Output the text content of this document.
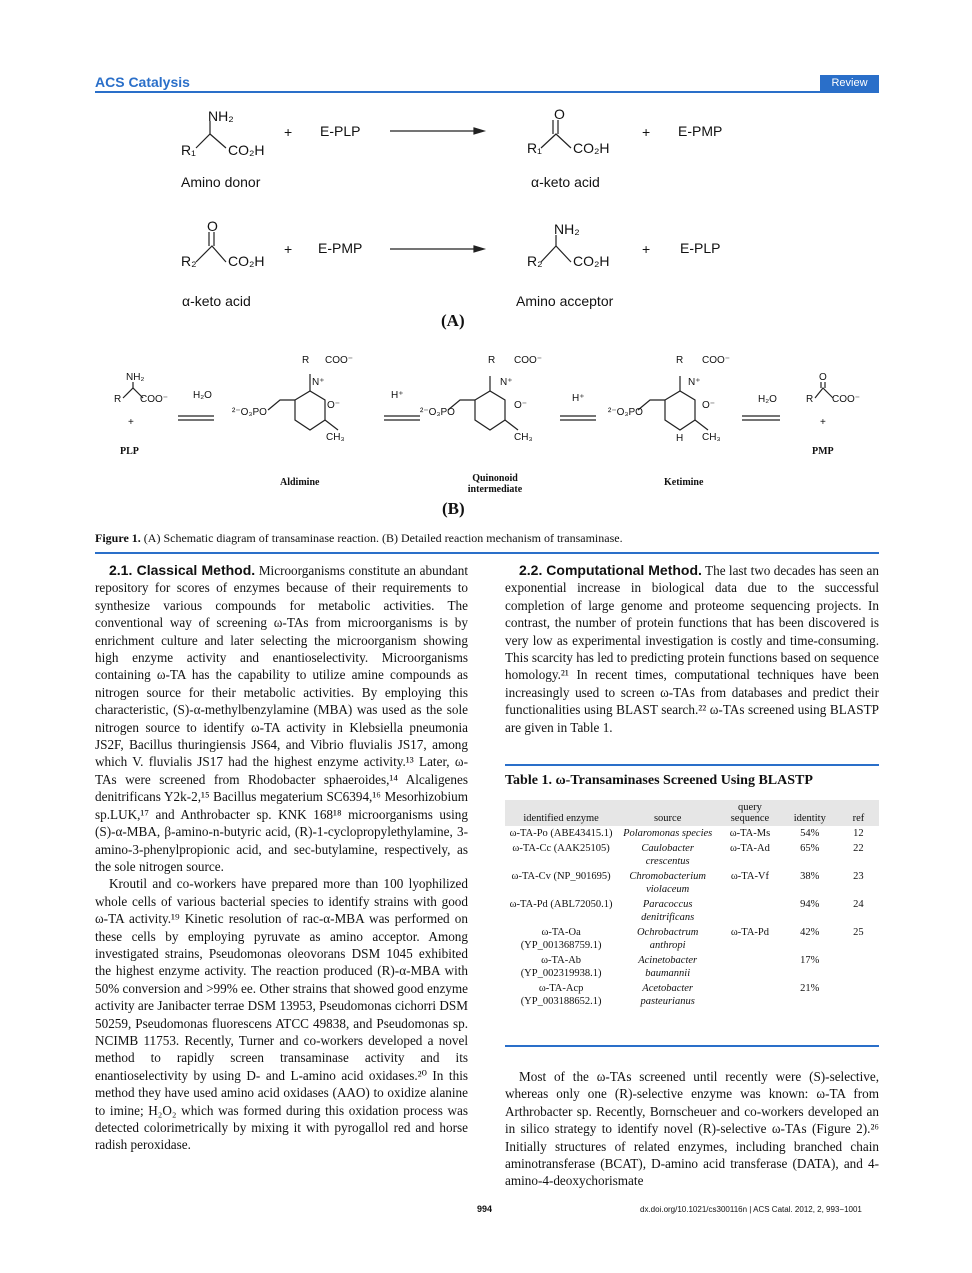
ACS Catalysis	Review
NH₂
R₁ CO₂H
+ E-PLP
O
R₁ CO₂H
+ E-PMP
Amino donor	α-keto acid
O
R₂ CO₂H
+ E-PMP
NH₂
R₂ CO₂H
+ E-PLP
α-keto acid	Amino acceptor
(A)
NH₂
R COO⁻
+
PLP
H₂O	H⁺	H⁺	H₂O
²⁻O₃PO
R COO⁻
N⁺
O⁻
CH₃
Aldimine
²⁻O₃PO
R COO⁻
N⁺
O⁻
CH₃
Quinonoid intermediate
²⁻O₃PO
R COO⁻
N⁺
O⁻
CH₃
H
Ketimine
O
R COO⁻
+
PMP
(B)
Figure 1. (A) Schematic diagram of transaminase reaction. (B) Detailed reaction mechanism of transaminase.

2.1. Classical Method. Microorganisms constitute an abundant repository for scores of enzymes because of their requirements to synthesize various compounds for metabolic activities. The conventional way of screening ω-TAs from microorganisms is by enrichment culture and later selecting the microorganism showing high enzyme activity and enantioselectivity. Microorganisms containing ω-TA has the capability to utilize amine compounds as nitrogen source for their metabolic activities. By employing this characteristic, (S)-α-methylbenzylamine (MBA) was used as the sole nitrogen source to identify ω-TA activity in Klebsiella pneumonia JS2F, Bacillus thuringiensis JS64, and Vibrio fluvialis JS17, among which V. fluvialis JS17 had the highest enzyme activity.¹³ Later, ω-TAs were screened from Rhodobacter sphaeroides,¹⁴ Alcaligenes denitrificans Y2k-2,¹⁵ Bacillus megaterium SC6394,¹⁶ Mesorhizobium sp.LUK,¹⁷ and Anthrobacter sp. KNK 168¹⁸ microorganisms using (S)-α-MBA, β-amino-n-butyric acid, (R)-1-cyclopropylethylamine, 3-amino-3-phenylpropionic acid, and sec-butylamine, respectively, as the sole nitrogen source.

Kroutil and co-workers have prepared more than 100 lyophilized whole cells of various bacterial species to identify strains with good ω-TA activity.¹⁹ Kinetic resolution of rac-α-MBA was performed on these cells by employing pyruvate as amino acceptor. Among investigated strains, Pseudomonas oleovorans DSM 1045 exhibited the highest enzyme activity. The reaction produced (R)-α-MBA with 50% conversion and >99% ee. Other strains that showed good enzyme activity are Janibacter terrae DSM 13953, Pseudomonas cichorri DSM 50259, Pseudomonas fluorescens ATCC 49838, and Pseudomonas sp. NCIMB 11753. Recently, Turner and co-workers developed a novel method to rapidly screen transaminase activity and its enantioselectivity by using D- and L-amino acid oxidases.²⁰ In this method they have used amino acid oxidases (AAO) to oxidize alanine to imine; H₂O₂ which was formed during this oxidation process was detected colorimetrically by mixing it with pyrogallol red and horse radish peroxidase.

2.2. Computational Method. The last two decades has seen an exponential increase in biological data due to the successful completion of large genome and proteome sequencing projects. In contrast, the number of protein functions that has been discovered is very low as experimental investigation is costly and time-consuming. This scarcity has led to predicting protein functions based on sequence homology.²¹ In recent times, computational techniques have been increasingly used to screen ω-TAs from databases and predict their functionalities using BLAST search.²² ω-TAs screened using BLASTP are given in Table 1.

Table 1. ω-Transaminases Screened Using BLASTP
identified enzyme	source	query sequence	identity	ref
ω-TA-Po (ABE43415.1)	Polaromonas species	ω-TA-Ms	54%	12
ω-TA-Cc (AAK25105)	Caulobacter crescentus	ω-TA-Ad	65%	22
ω-TA-Cv (NP_901695)	Chromobacterium violaceum	ω-TA-Vf	38%	23
ω-TA-Pd (ABL72050.1)	Paracoccus denitrificans		94%	24
ω-TA-Oa (YP_001368759.1)	Ochrobactrum anthropi	ω-TA-Pd	42%	25
ω-TA-Ab (YP_002319938.1)	Acinetobacter baumannii		17%	
ω-TA-Acp (YP_003188652.1)	Acetobacter pasteurianus		21%	

Most of the ω-TAs screened until recently were (S)-selective, whereas only one (R)-selective enzyme was known: ω-TA from Arthrobacter sp. Recently, Bornscheuer and co-workers developed an in silico strategy to identify novel (R)-selective ω-TAs (Figure 2).²⁶ Initially structures of related enzymes, including branched chain aminotransferase (BCAT), D-amino acid transferase (DATA), and 4-amino-4-deoxychorismate

994	dx.doi.org/10.1021/cs300116n | ACS Catal. 2012, 2, 993−1001
